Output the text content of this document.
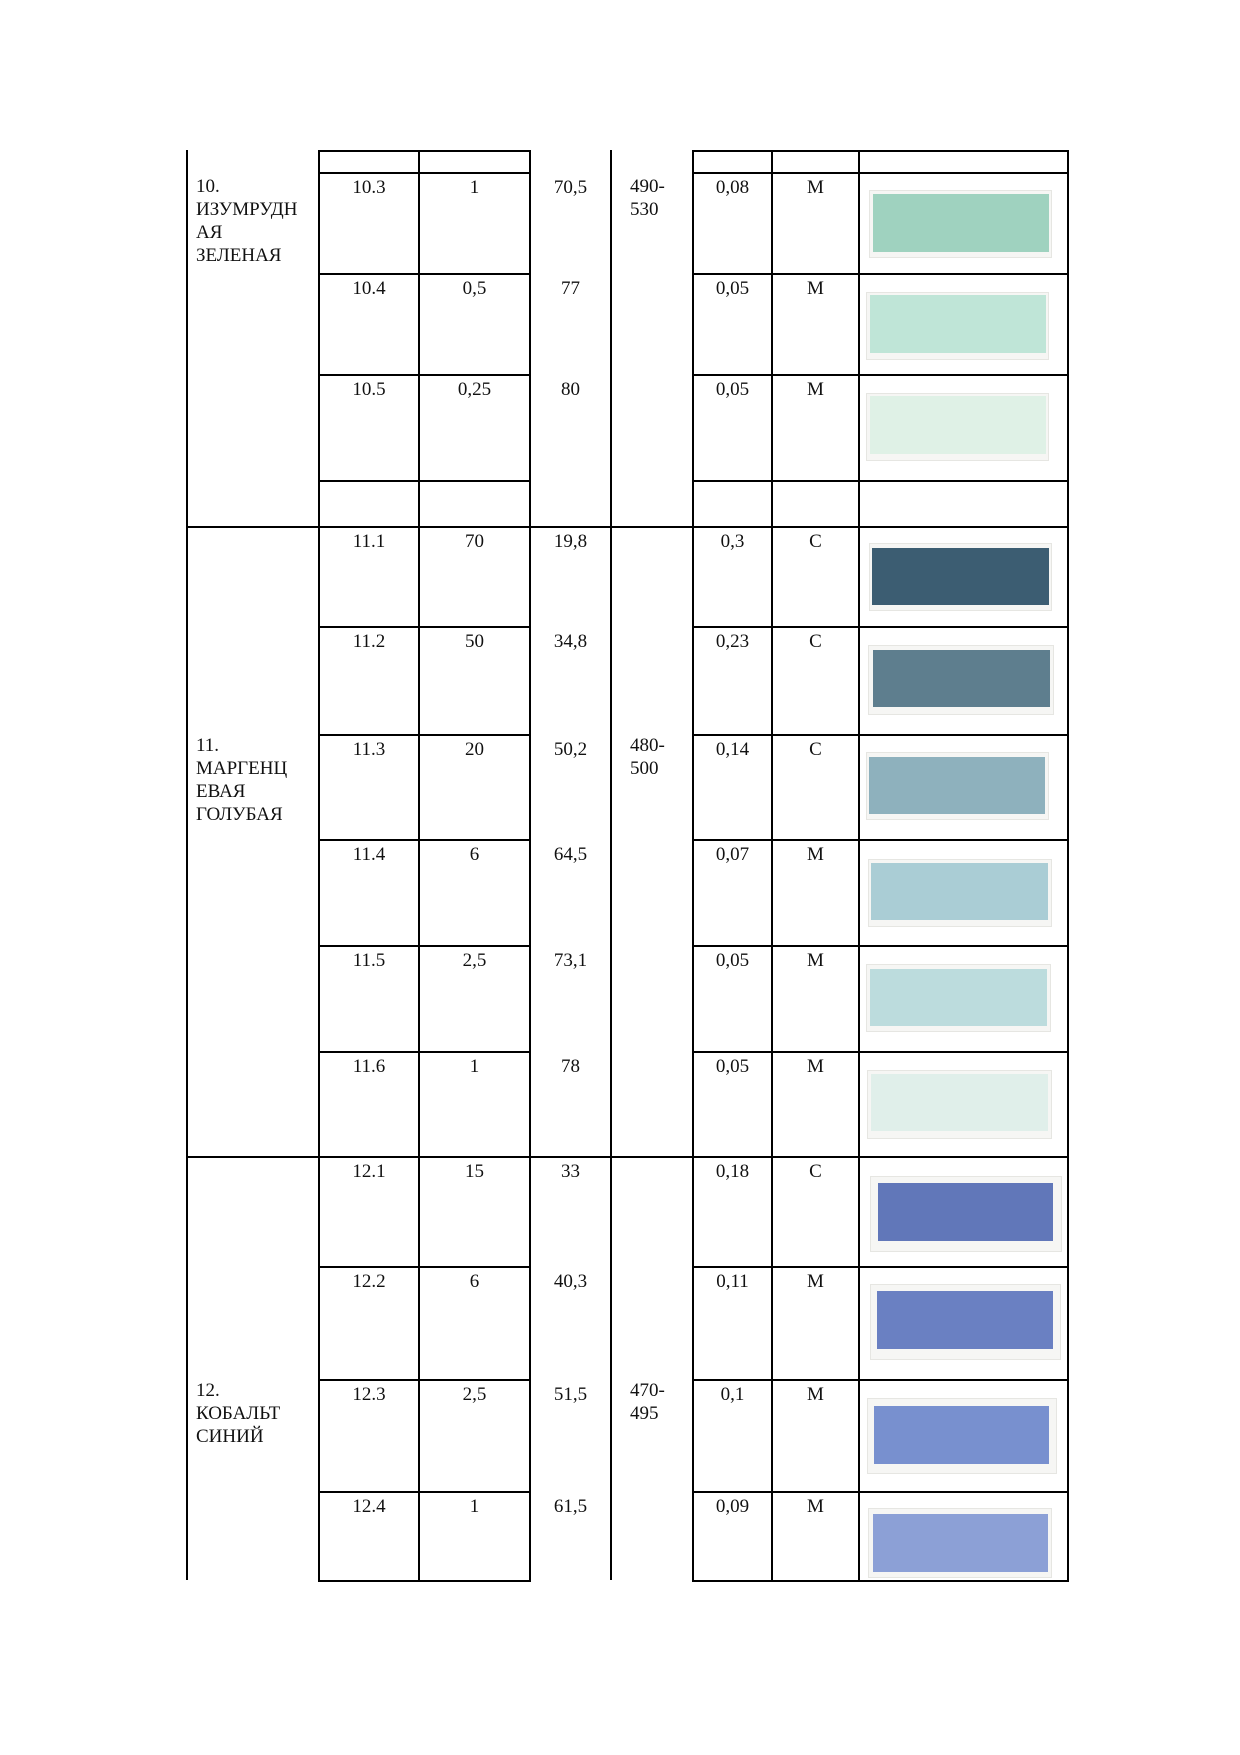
10.
ИЗУМРУДН
АЯ
ЗЕЛЕНАЯ
490-
530
10.3	1	70,5	0,08	М
10.4	0,5	77	0,05	М
10.5	0,25	80	0,05	М
11.
МАРГЕНЦ
ЕВАЯ
ГОЛУБАЯ
480-
500
11.1	70	19,8	0,3	С
11.2	50	34,8	0,23	С
11.3	20	50,2	0,14	С
11.4	6	64,5	0,07	М
11.5	2,5	73,1	0,05	М
11.6	1	78	0,05	М
12.
КОБАЛЬТ
СИНИЙ
470-
495
12.1	15	33	0,18	С
12.2	6	40,3	0,11	М
12.3	2,5	51,5	0,1	М
12.4	1	61,5	0,09	М
